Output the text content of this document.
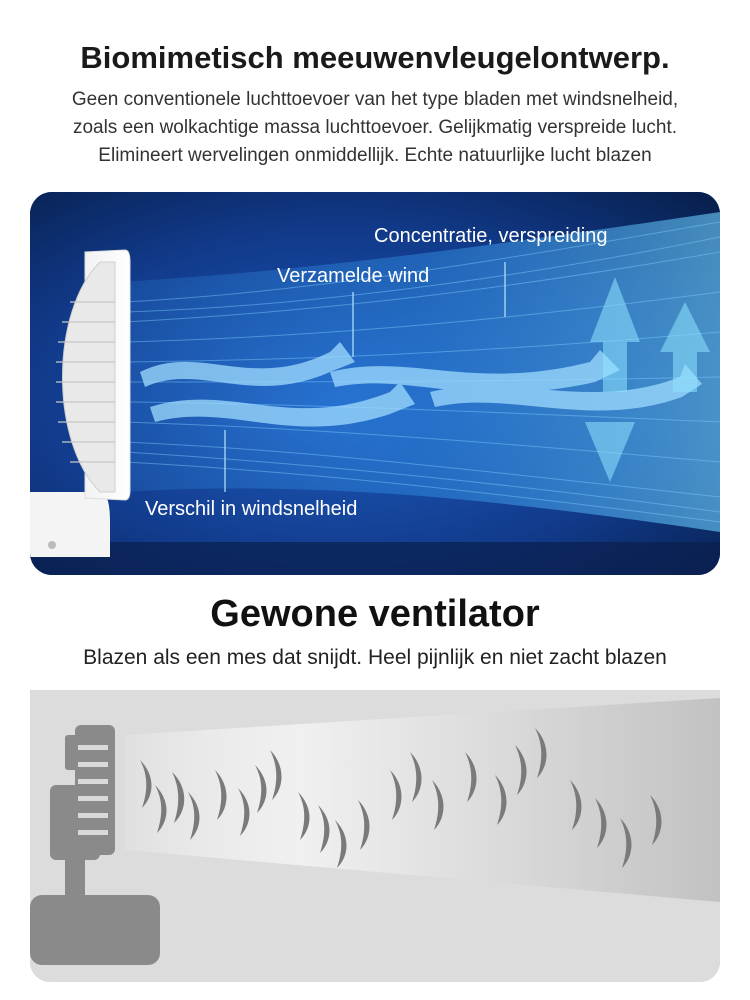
Biomimetisch meeuwenvleugelontwerp.
Geen conventionele luchttoevoer van het type bladen met windsnelheid,
zoals een wolkachtige massa luchttoevoer. Gelijkmatig verspreide lucht.
Elimineert wervelingen onmiddellijk. Echte natuurlijke lucht blazen
Concentratie, verspreiding
Verzamelde wind
Verschil in windsnelheid
Gewone ventilator
Blazen als een mes dat snijdt. Heel pijnlijk en niet zacht blazen
